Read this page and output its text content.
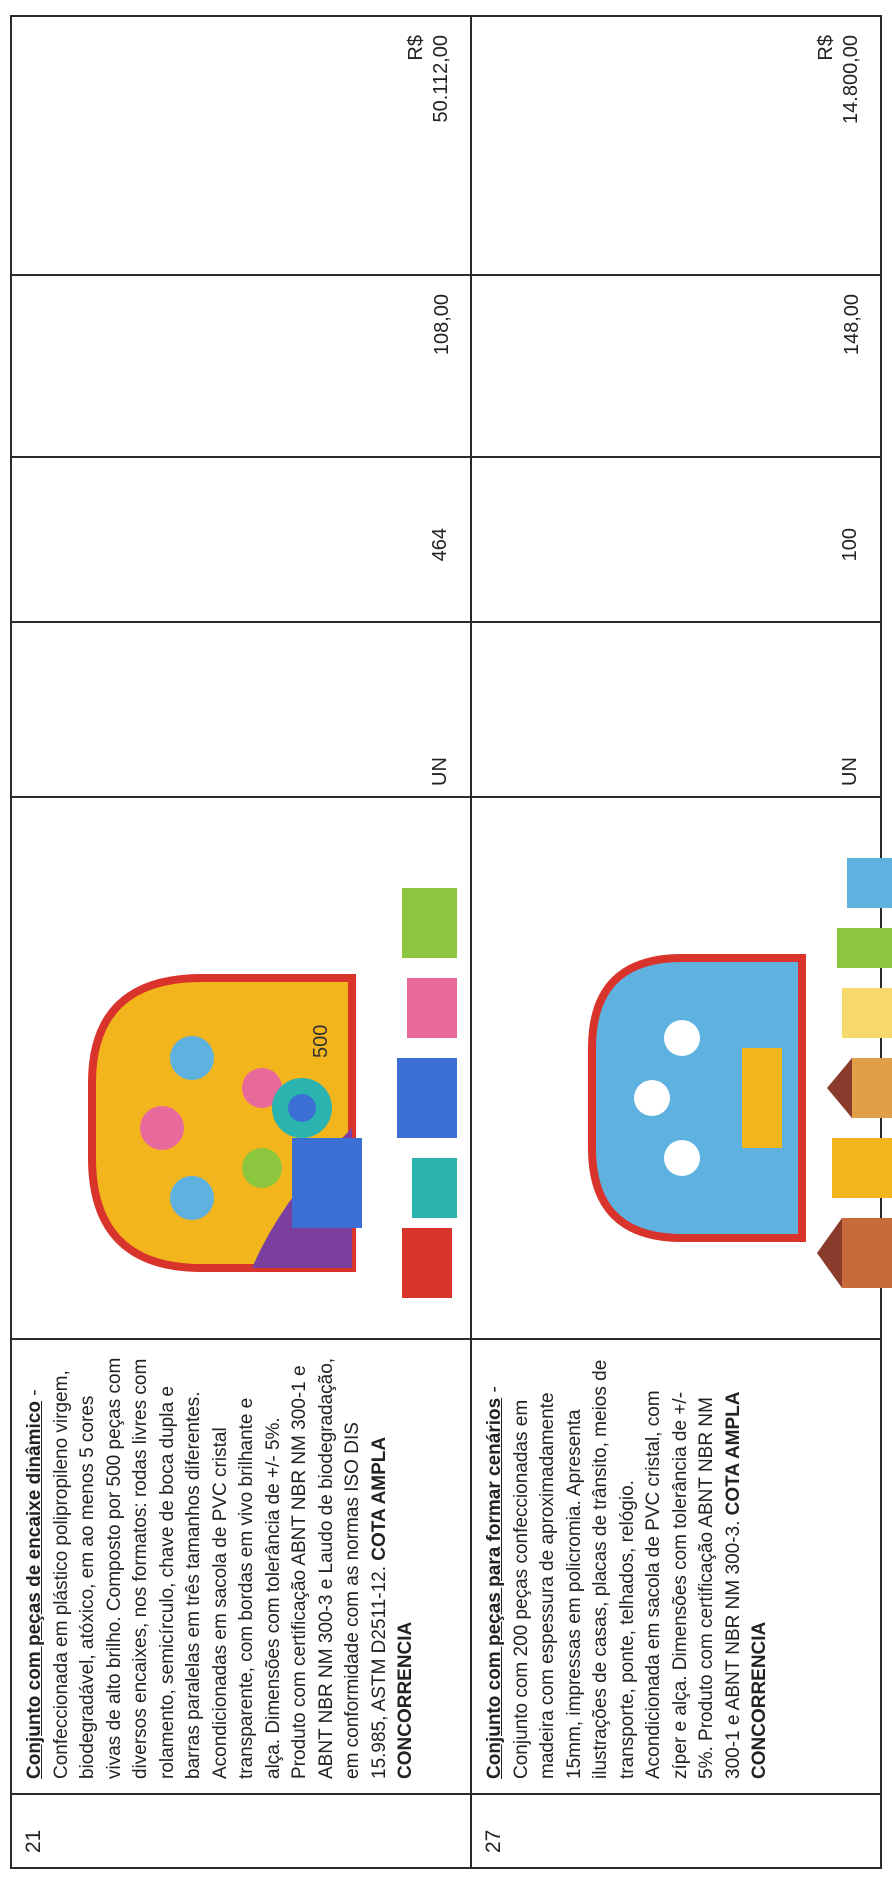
21	Conjunto com peças de encaixe dinâmico - Confeccionada em plástico polipropileno virgem, biodegradável, atóxico, em ao menos 5 cores vivas de alto brilho. Composto por 500 peças com diversos encaixes, nos formatos: rodas livres com rolamento, semicírculo, chave de boca dupla e barras paralelas em três tamanhos diferentes. Acondicionadas em sacola de PVC cristal transparente, com bordas em vivo brilhante e alça. Dimensões com tolerância de +/- 5%. Produto com certificação ABNT NBR NM 300-1 e ABNT NBR NM 300-3 e Laudo de biodegradação, em conformidade com as normas ISO DIS 15.985, ASTM D2511-12. COTA AMPLA CONCORRENCIA	500	UN	464	108,00	R$ 50.112,00

27	Conjunto com peças para formar cenários - Conjunto com 200 peças confeccionadas em madeira com espessura de aproximadamente 15mm, impressas em policromia. Apresenta ilustrações de casas, placas de trânsito, meios de transporte, ponte, telhados, relógio. Acondicionada em sacola de PVC cristal, com zíper e alça. Dimensões com tolerância de +/- 5%. Produto com certificação ABNT NBR NM 300-1 e ABNT NBR NM 300-3. COTA AMPLA CONCORRENCIA		UN	100	148,00	R$ 14.800,00
